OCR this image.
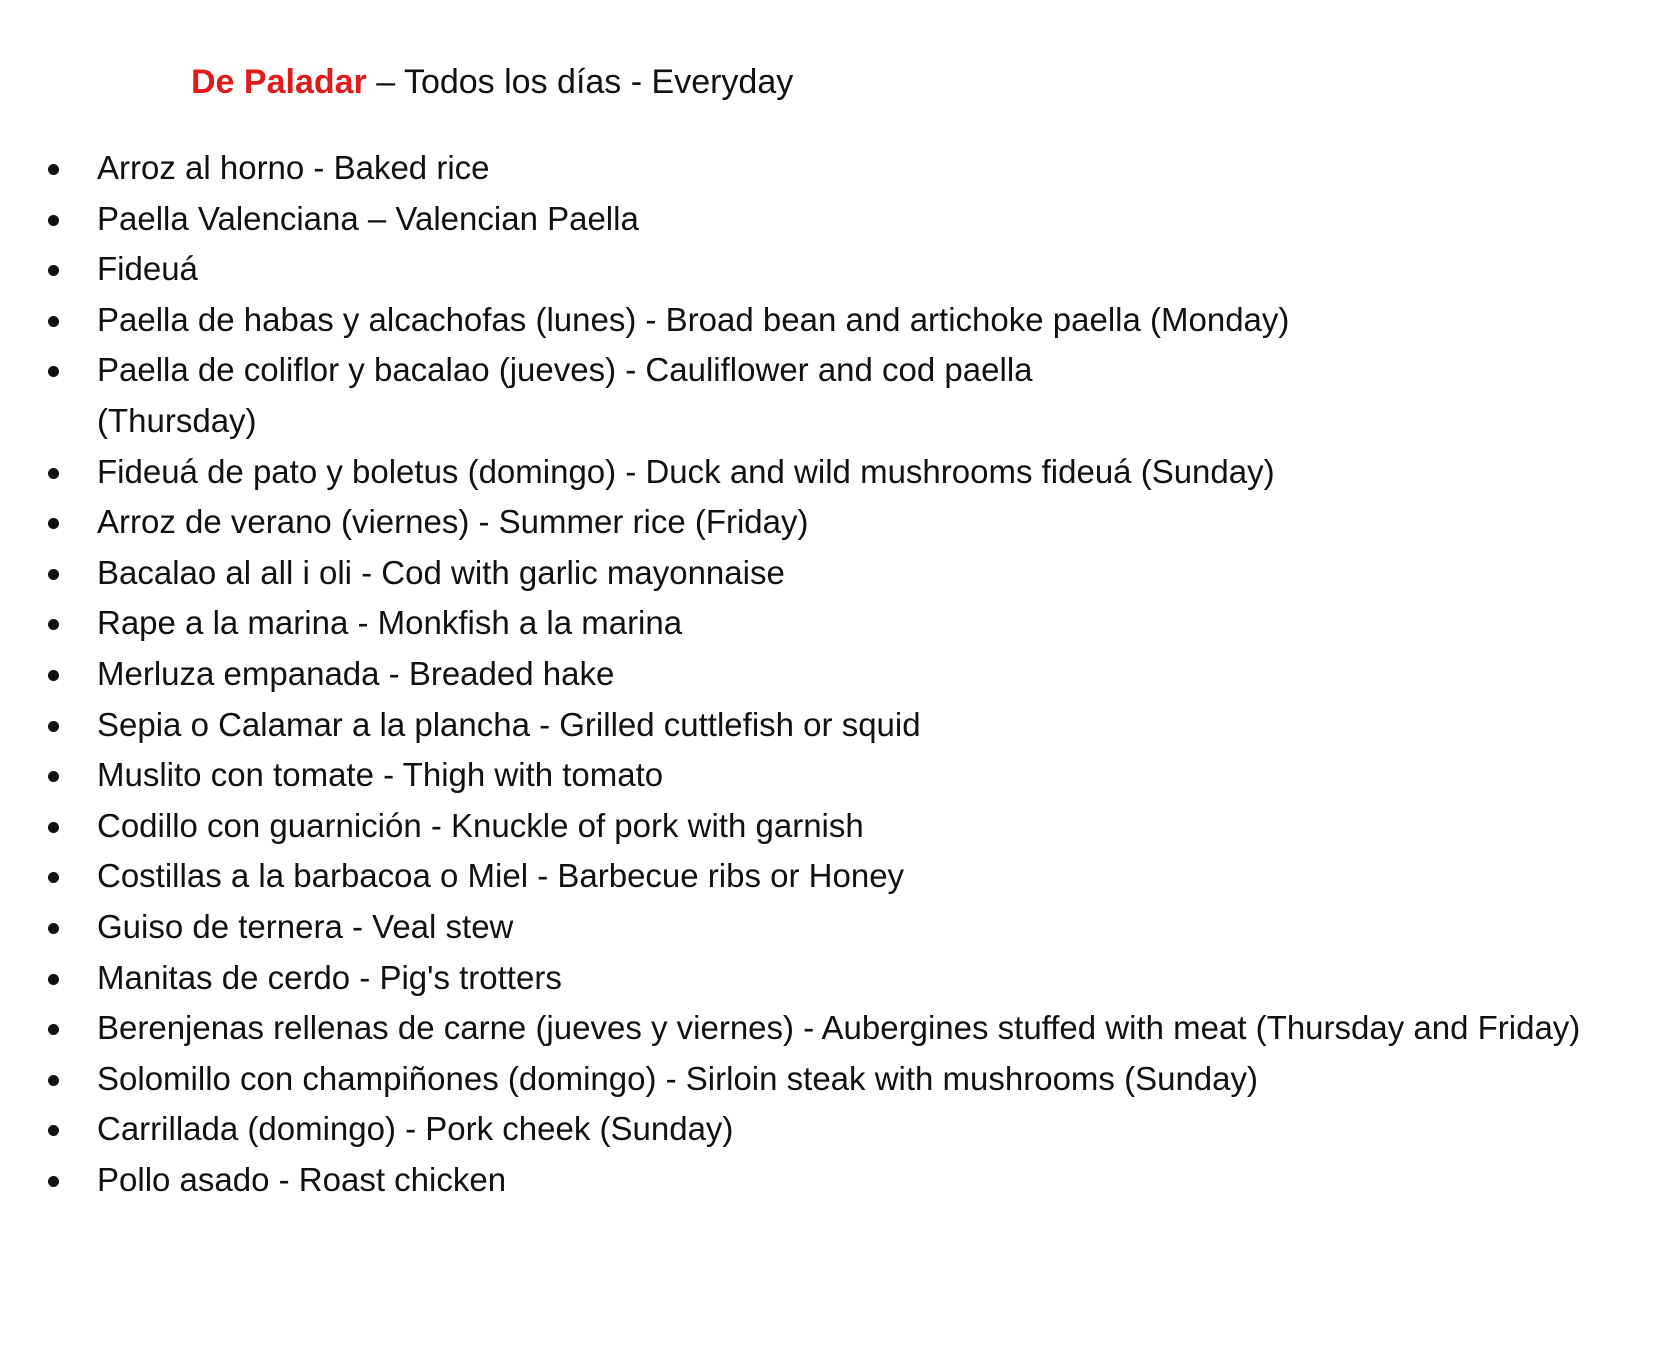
De Paladar – Todos los días - Everyday
Arroz al horno - Baked rice
Paella Valenciana – Valencian Paella
Fideuá
Paella de habas y alcachofas (lunes) - Broad bean and artichoke paella (Monday)
Paella de coliflor y bacalao (jueves) - Cauliflower and cod paella (Thursday)
Fideuá de pato y boletus (domingo) - Duck and wild mushrooms fideuá (Sunday)
Arroz de verano (viernes) - Summer rice (Friday)
Bacalao al all i oli - Cod with garlic mayonnaise
Rape a la marina - Monkfish a la marina
Merluza empanada - Breaded hake
Sepia o Calamar a la plancha - Grilled cuttlefish or squid
Muslito con tomate - Thigh with tomato
Codillo con guarnición - Knuckle of pork with garnish
Costillas a la barbacoa o Miel - Barbecue ribs or Honey
Guiso de ternera - Veal stew
Manitas de cerdo - Pig's trotters
Berenjenas rellenas de carne (jueves y viernes) - Aubergines stuffed with meat (Thursday and Friday)
Solomillo con champiñones (domingo) - Sirloin steak with mushrooms (Sunday)
Carrillada (domingo) - Pork cheek (Sunday)
Pollo asado - Roast chicken
